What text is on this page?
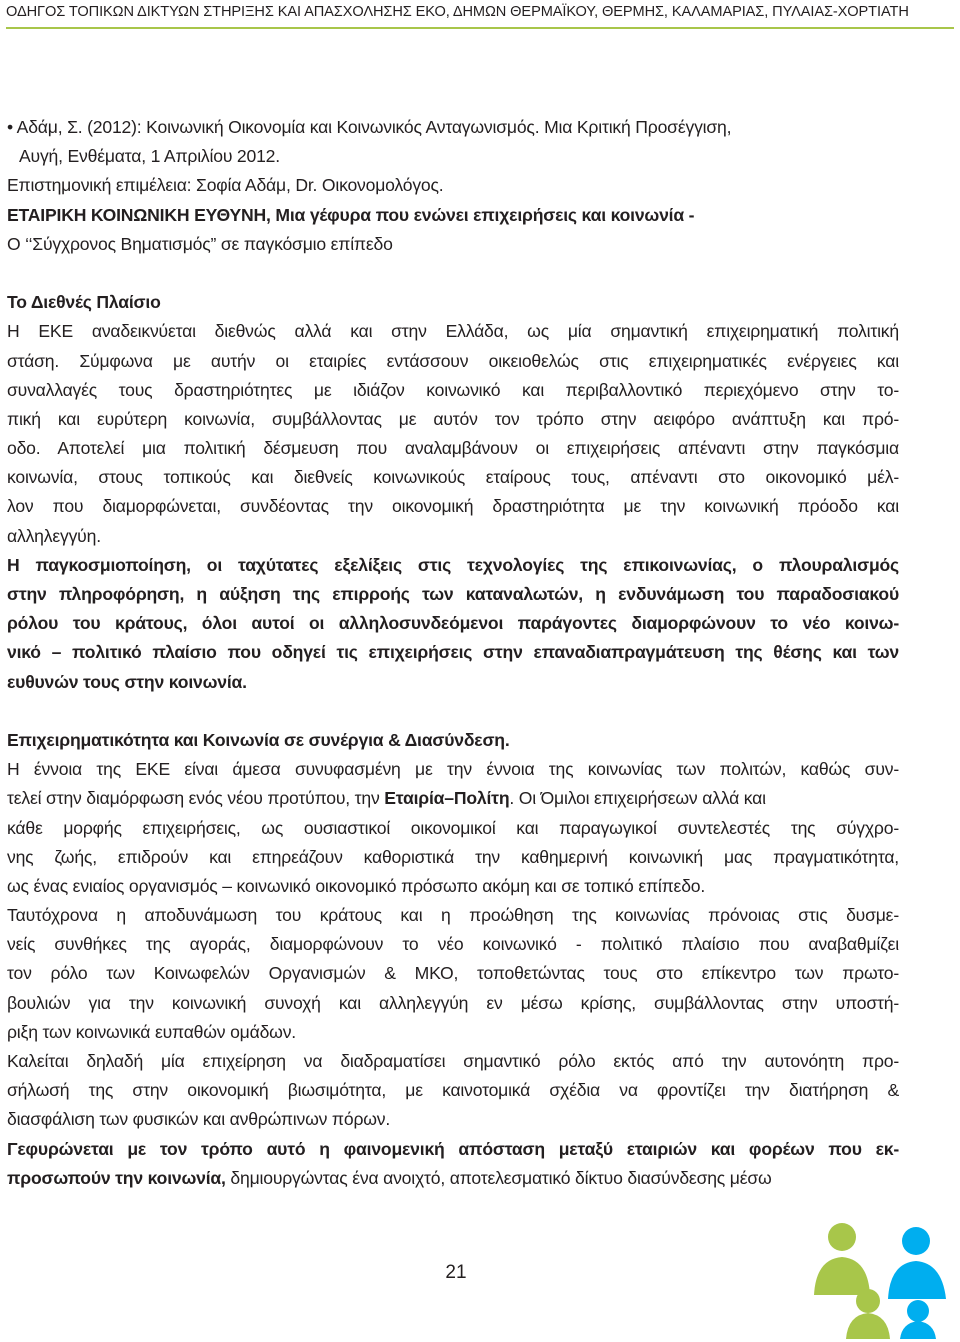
ΟΔΗΓΟΣ ΤΟΠΙΚΩΝ ΔΙΚΤΥΩΝ ΣΤΗΡΙΞΗΣ ΚΑΙ ΑΠΑΣΧΟΛΗΣΗΣ ΕΚΟ, ΔΗΜΩΝ ΘΕΡΜΑΪΚΟΥ, ΘΕΡΜΗΣ, ΚΑΛΑΜΑΡΙΑΣ, ΠΥΛΑΙΑΣ-ΧΟΡΤΙΑΤΗ
• Αδάμ, Σ. (2012): Κοινωνική Οικονομία και Κοινωνικός Ανταγωνισμός. Μια Κριτική Προσέγγιση,
Αυγή, Ενθέματα, 1 Απριλίου 2012.
Επιστημονική επιμέλεια: Σοφία Αδάμ, Dr. Οικονομολόγος.
ΕΤΑΙΡΙΚΗ ΚΟΙΝΩΝΙΚΗ ΕΥΘΥΝΗ, Μια γέφυρα που ενώνει επιχειρήσεις και κοινωνία -
Ο ‘‘Σύγχρονος Βηματισμός” σε παγκόσμιο επίπεδο
Το Διεθνές Πλαίσιο
Η ΕΚΕ αναδεικνύεται διεθνώς αλλά και στην Ελλάδα, ως μία σημαντική επιχειρηματική πολιτική
στάση. Σύμφωνα με αυτήν οι εταιρίες εντάσσουν οικειοθελώς στις επιχειρηματικές ενέργειες και
συναλλαγές τους δραστηριότητες με ιδιάζον κοινωνικό και περιβαλλοντικό περιεχόμενο στην το-
πική και ευρύτερη κοινωνία, συμβάλλοντας με αυτόν τον τρόπο στην αειφόρο ανάπτυξη και πρό-
οδο. Αποτελεί μια πολιτική δέσμευση που αναλαμβάνουν οι επιχειρήσεις απέναντι στην παγκόσμια
κοινωνία, στους τοπικούς και διεθνείς κοινωνικούς εταίρους τους, απέναντι στο οικονομικό μέλ-
λον που διαμορφώνεται, συνδέοντας την οικονομική δραστηριότητα με την κοινωνική πρόοδο και
αλληλεγγύη.
Η παγκοσμιοποίηση, οι ταχύτατες εξελίξεις στις τεχνολογίες της επικοινωνίας, ο πλουραλισμός
στην πληροφόρηση, η αύξηση της επιρροής των καταναλωτών, η ενδυνάμωση του παραδοσιακού
ρόλου του κράτους, όλοι αυτοί οι αλληλοσυνδεόμενοι παράγοντες διαμορφώνουν το νέο κοινω-
νικό – πολιτικό πλαίσιο που οδηγεί τις επιχειρήσεις στην επαναδιαπραγμάτευση της θέσης και των
ευθυνών τους στην κοινωνία.
Επιχειρηματικότητα και Κοινωνία σε συνέργια & Διασύνδεση.
Η έννοια της ΕΚΕ είναι άμεσα συνυφασμένη με την έννοια της κοινωνίας των πολιτών, καθώς συν-
τελεί στην διαμόρφωση ενός νέου προτύπου, την Εταιρία–Πολίτη. Οι Όμιλοι επιχειρήσεων αλλά και
κάθε μορφής επιχειρήσεις, ως ουσιαστικοί οικονομικοί και παραγωγικοί συντελεστές της σύγχρο-
νης ζωής, επιδρούν και επηρεάζουν καθοριστικά την καθημερινή κοινωνική μας πραγματικότητα,
ως ένας ενιαίος οργανισμός – κοινωνικό οικονομικό πρόσωπο ακόμη και σε τοπικό επίπεδο.
Ταυτόχρονα η αποδυνάμωση του κράτους και η προώθηση της κοινωνίας πρόνοιας στις δυσμε-
νείς συνθήκες της αγοράς, διαμορφώνουν το νέο κοινωνικό - πολιτικό πλαίσιο που αναβαθμίζει
τον ρόλο των Κοινωφελών Οργανισμών & ΜΚΟ, τοποθετώντας τους στο επίκεντρο των πρωτο-
βουλιών για την κοινωνική συνοχή και αλληλεγγύη εν μέσω κρίσης, συμβάλλοντας στην υποστή-
ριξη των κοινωνικά ευπαθών ομάδων.
Καλείται δηλαδή μία επιχείρηση να διαδραματίσει σημαντικό ρόλο εκτός από την αυτονόητη προ-
σήλωσή της στην οικονομική βιωσιμότητα, με καινοτομικά σχέδια να φροντίζει την διατήρηση &
διασφάλιση των φυσικών και ανθρώπινων πόρων.
Γεφυρώνεται με τον τρόπο αυτό η φαινομενική απόσταση μεταξύ εταιριών και φορέων που εκ-
προσωπούν την κοινωνία, δημιουργώντας ένα ανοιχτό, αποτελεσματικό δίκτυο διασύνδεσης μέσω
21
